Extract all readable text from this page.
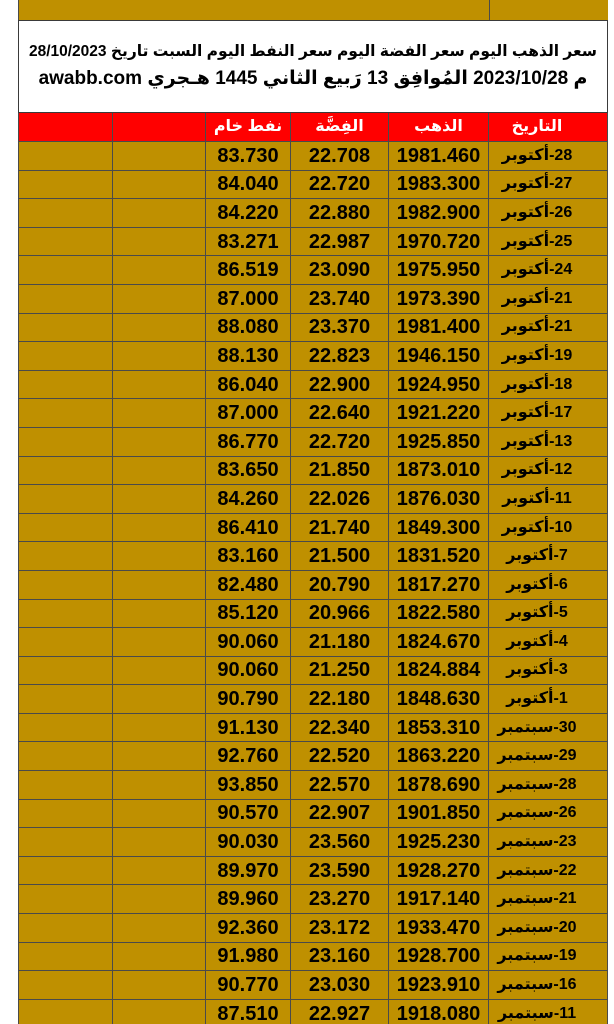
سعر الذهب اليوم سعر الفضة اليوم سعر النفط اليوم السبت تاريخ 28/10/2023
م 2023/10/28 المُوافِق 13 رَبيع الثاني 1445 هـجري awabb.com
نفط خام الفِضَّة	الذهب	التاريخ
83.730 22.708 1981.460 28-أكتوبر
84.040 22.720 1983.300 27-أكتوبر
84.220 22.880 1982.900 26-أكتوبر
83.271 22.987 1970.720 25-أكتوبر
86.519 23.090 1975.950 24-أكتوبر
87.000 23.740 1973.390 21-أكتوبر
88.080 23.370 1981.400 21-أكتوبر
88.130 22.823 1946.150 19-أكتوبر
86.040 22.900 1924.950 18-أكتوبر
87.000 22.640 1921.220 17-أكتوبر
86.770 22.720 1925.850 13-أكتوبر
83.650 21.850 1873.010 12-أكتوبر
84.260 22.026 1876.030 11-أكتوبر
86.410 21.740 1849.300 10-أكتوبر
83.160 21.500 1831.520 7-أكتوبر
82.480 20.790 1817.270 6-أكتوبر
85.120 20.966 1822.580 5-أكتوبر
90.060 21.180 1824.670 4-أكتوبر
90.060 21.250 1824.884 3-أكتوبر
90.790 22.180 1848.630 1-أكتوبر
91.130 22.340 1853.310 30-سبتمبر
92.760 22.520 1863.220 29-سبتمبر
93.850 22.570 1878.690 28-سبتمبر
90.570 22.907 1901.850 26-سبتمبر
90.030 23.560 1925.230 23-سبتمبر
89.970 23.590 1928.270 22-سبتمبر
89.960 23.270 1917.140 21-سبتمبر
92.360 23.172 1933.470 20-سبتمبر
91.980 23.160 1928.700 19-سبتمبر
90.770 23.030 1923.910 16-سبتمبر
87.510 22.927 1918.080 11-سبتمبر
